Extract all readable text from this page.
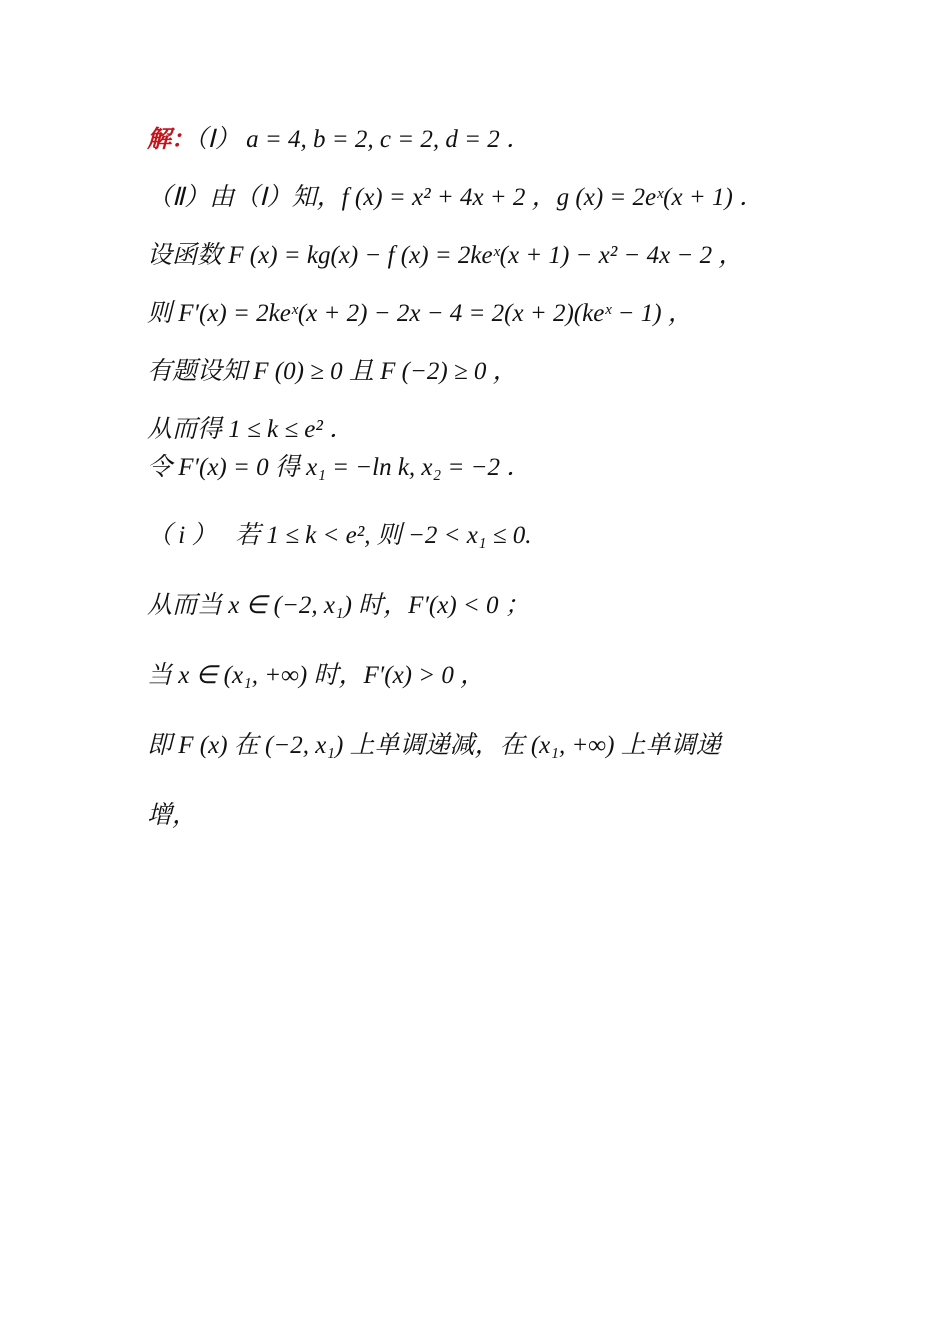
解：（Ⅰ） a = 4, b = 2, c = 2, d = 2 ．
（Ⅱ）由（Ⅰ）知，f (x) = x² + 4x + 2 ，g (x) = 2eˣ(x + 1) ．
设函数 F (x) = kg(x) − f (x) = 2keˣ(x + 1) − x² − 4x − 2 ，
则 F′(x) = 2keˣ(x + 2) − 2x − 4 = 2(x + 2)(keˣ − 1) ，
有题设知 F (0) ≥ 0 且 F (−2) ≥ 0 ，
从而得 1 ≤ k ≤ e² ．
令 F′(x) = 0 得 x₁ = −ln k, x₂ = −2 ．
（ i ）　 若 1 ≤ k < e², 则 −2 < x₁ ≤ 0.
从而当 x ∈ (−2, x₁) 时，F′(x) < 0 ；
当 x ∈ (x₁, +∞) 时，F′(x) > 0 ，
即 F (x) 在 (−2, x₁) 上单调递减，在 (x₁, +∞) 上单调递
增，
